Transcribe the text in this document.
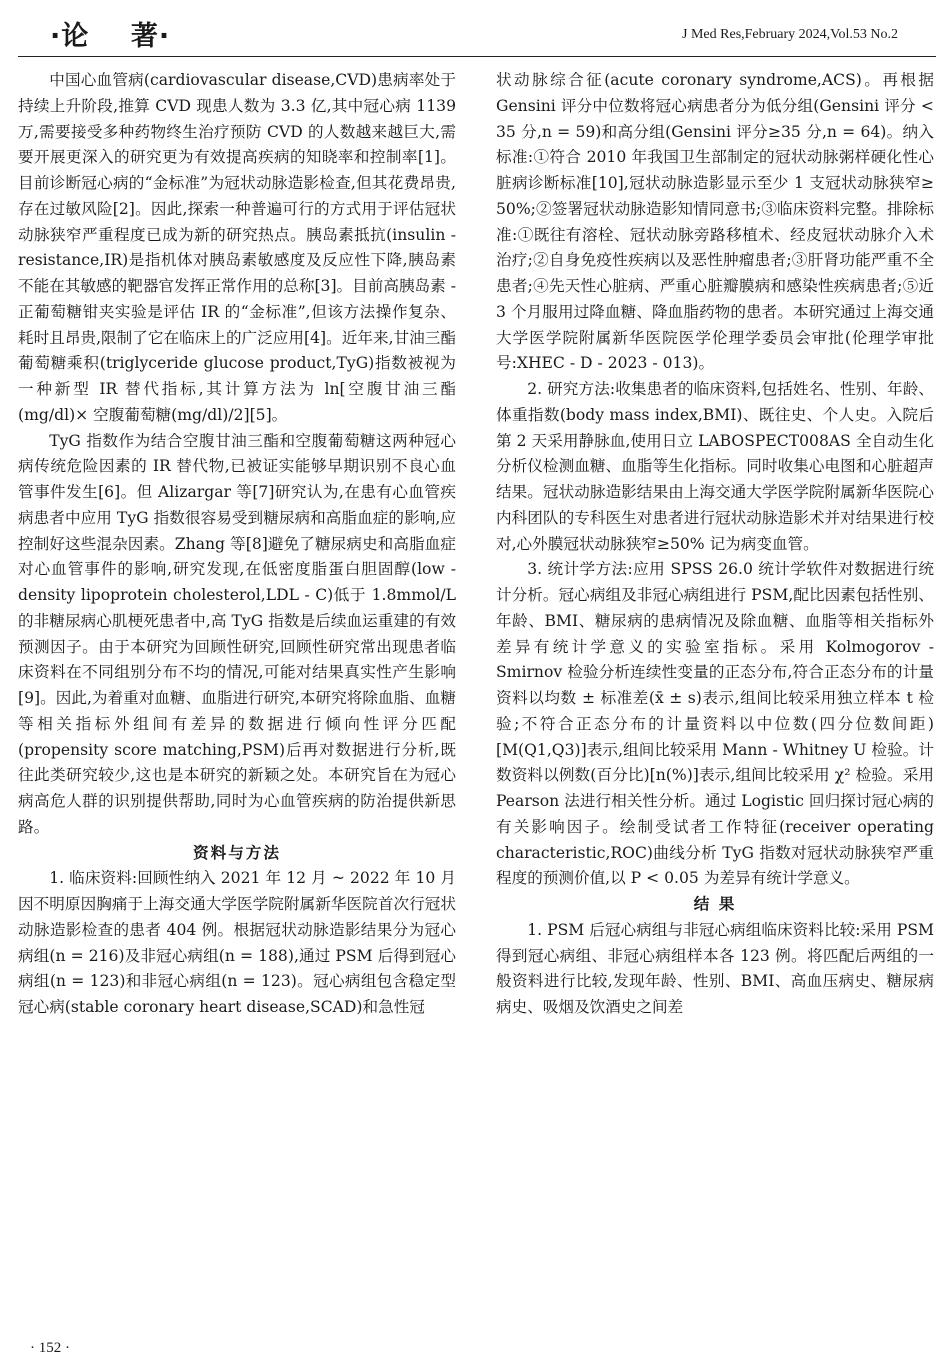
·论    著·	J Med Res,February 2024,Vol.53 No.2

中国心血管病(cardiovascular disease,CVD)患病率处于持续上升阶段,推算 CVD 现患人数为 3.3 亿,其中冠心病 1139 万,需要接受多种药物终生治疗预防 CVD 的人数越来越巨大,需要开展更深入的研究更为有效提高疾病的知晓率和控制率[1]。目前诊断冠心病的“金标准”为冠状动脉造影检查,但其花费昂贵,存在过敏风险[2]。因此,探索一种普遍可行的方式用于评估冠状动脉狭窄严重程度已成为新的研究热点。胰岛素抵抗(insulin - resistance,IR)是指机体对胰岛素敏感度及反应性下降,胰岛素不能在其敏感的靶器官发挥正常作用的总称[3]。目前高胰岛素 - 正葡萄糖钳夹实验是评估 IR 的“金标准”,但该方法操作复杂、耗时且昂贵,限制了它在临床上的广泛应用[4]。近年来,甘油三酯葡萄糖乘积(triglyceride glucose product,TyG)指数被视为一种新型 IR 替代指标,其计算方法为 ln[空腹甘油三酯(mg/dl)× 空腹葡萄糖(mg/dl)/2][5]。

TyG 指数作为结合空腹甘油三酯和空腹葡萄糖这两种冠心病传统危险因素的 IR 替代物,已被证实能够早期识别不良心血管事件发生[6]。但 Alizargar 等[7]研究认为,在患有心血管疾病患者中应用 TyG 指数很容易受到糖尿病和高脂血症的影响,应控制好这些混杂因素。Zhang 等[8]避免了糖尿病史和高脂血症对心血管事件的影响,研究发现,在低密度脂蛋白胆固醇(low - density lipoprotein cholesterol,LDL - C)低于 1.8mmol/L 的非糖尿病心肌梗死患者中,高 TyG 指数是后续血运重建的有效预测因子。由于本研究为回顾性研究,回顾性研究常出现患者临床资料在不同组别分布不均的情况,可能对结果真实性产生影响[9]。因此,为着重对血糖、血脂进行研究,本研究将除血脂、血糖等相关指标外组间有差异的数据进行倾向性评分匹配(propensity score matching,PSM)后再对数据进行分析,既往此类研究较少,这也是本研究的新颖之处。本研究旨在为冠心病高危人群的识别提供帮助,同时为心血管疾病的防治提供新思路。

资料与方法

1. 临床资料:回顾性纳入 2021 年 12 月 ~ 2022 年 10 月因不明原因胸痛于上海交通大学医学院附属新华医院首次行冠状动脉造影检查的患者 404 例。根据冠状动脉造影结果分为冠心病组(n = 216)及非冠心病组(n = 188),通过 PSM 后得到冠心病组(n = 123)和非冠心病组(n = 123)。冠心病组包含稳定型冠心病(stable coronary heart disease,SCAD)和急性冠

状动脉综合征(acute coronary syndrome,ACS)。再根据 Gensini 评分中位数将冠心病患者分为低分组(Gensini 评分 < 35 分,n = 59)和高分组(Gensini 评分≥35 分,n = 64)。纳入标准:①符合 2010 年我国卫生部制定的冠状动脉粥样硬化性心脏病诊断标准[10],冠状动脉造影显示至少 1 支冠状动脉狭窄≥ 50%;②签署冠状动脉造影知情同意书;③临床资料完整。排除标准:①既往有溶栓、冠状动脉旁路移植术、经皮冠状动脉介入术治疗;②自身免疫性疾病以及恶性肿瘤患者;③肝肾功能严重不全患者;④先天性心脏病、严重心脏瓣膜病和感染性疾病患者;⑤近 3 个月服用过降血糖、降血脂药物的患者。本研究通过上海交通大学医学院附属新华医院医学伦理学委员会审批(伦理学审批号:XHEC - D - 2023 - 013)。

2. 研究方法:收集患者的临床资料,包括姓名、性别、年龄、体重指数(body mass index,BMI)、既往史、个人史。入院后第 2 天采用静脉血,使用日立 LABOSPECT008AS 全自动生化分析仪检测血糖、血脂等生化指标。同时收集心电图和心脏超声结果。冠状动脉造影结果由上海交通大学医学院附属新华医院心内科团队的专科医生对患者进行冠状动脉造影术并对结果进行校对,心外膜冠状动脉狭窄≥50% 记为病变血管。

3. 统计学方法:应用 SPSS 26.0 统计学软件对数据进行统计分析。冠心病组及非冠心病组进行 PSM,配比因素包括性别、年龄、BMI、糖尿病的患病情况及除血糖、血脂等相关指标外差异有统计学意义的实验室指标。采用 Kolmogorov - Smirnov 检验分析连续性变量的正态分布,符合正态分布的计量资料以均数 ± 标准差(x̄ ± s)表示,组间比较采用独立样本 t 检验;不符合正态分布的计量资料以中位数(四分位数间距)[M(Q1,Q3)]表示,组间比较采用 Mann - Whitney U 检验。计数资料以例数(百分比)[n(%)]表示,组间比较采用 χ² 检验。采用 Pearson 法进行相关性分析。通过 Logistic 回归探讨冠心病的有关影响因子。绘制受试者工作特征(receiver operating characteristic,ROC)曲线分析 TyG 指数对冠状动脉狭窄严重程度的预测价值,以 P < 0.05 为差异有统计学意义。

结 果

1. PSM 后冠心病组与非冠心病组临床资料比较:采用 PSM 得到冠心病组、非冠心病组样本各 123 例。将匹配后两组的一般资料进行比较,发现年龄、性别、BMI、高血压病史、糖尿病病史、吸烟及饮酒史之间差

· 152 ·
